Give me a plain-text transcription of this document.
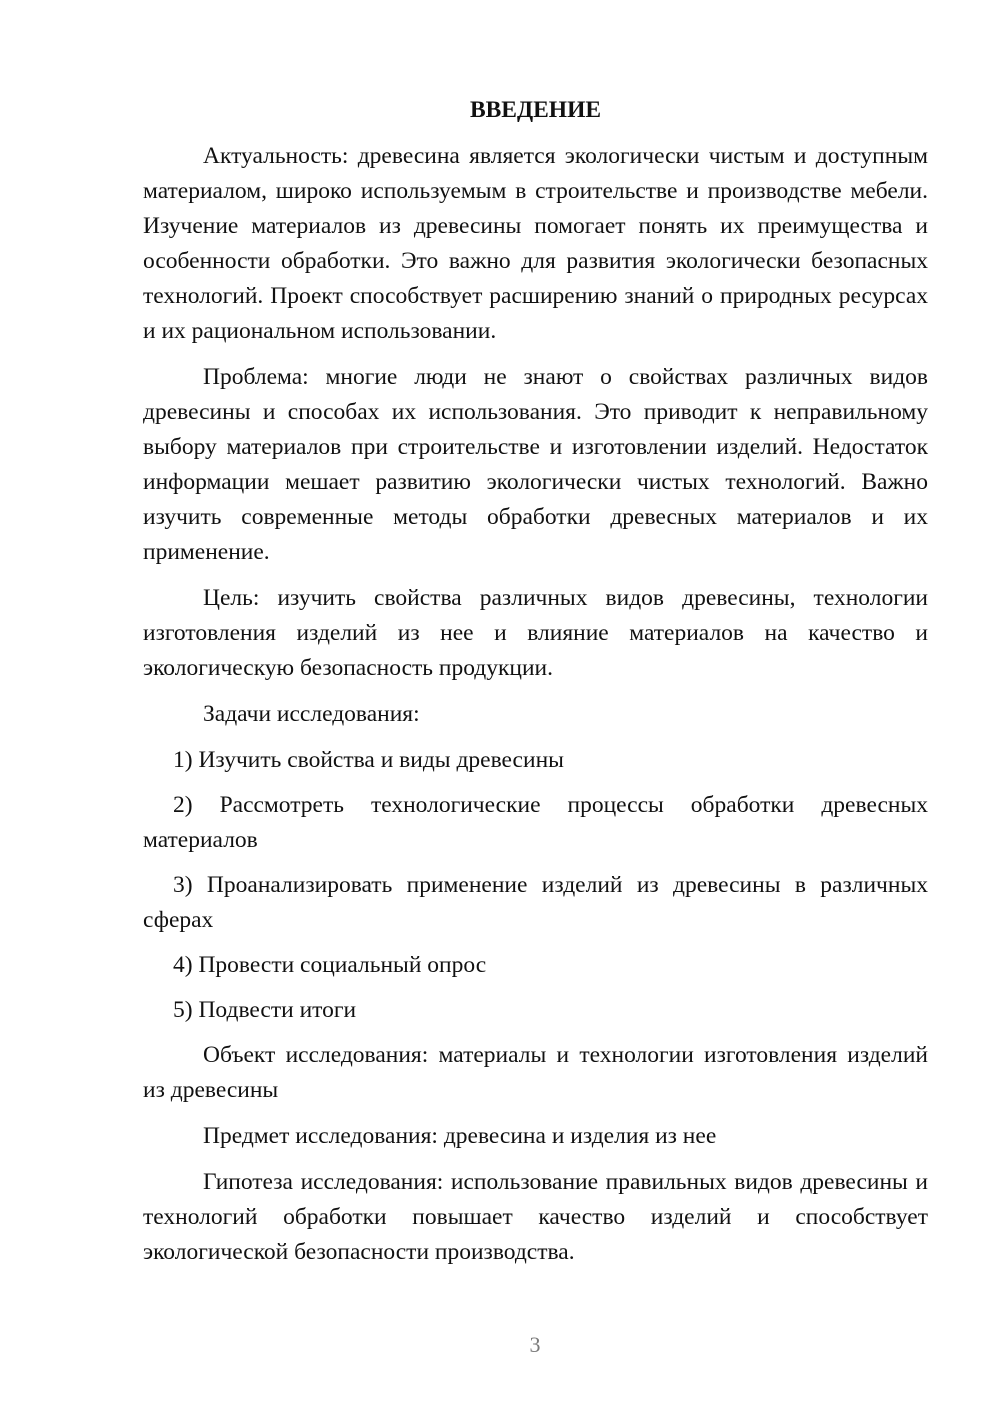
ВВЕДЕНИЕ

Актуальность: древесина является экологически чистым и доступным материалом, широко используемым в строительстве и производстве мебели. Изучение материалов из древесины помогает понять их преимущества и особенности обработки. Это важно для развития экологически безопасных технологий. Проект способствует расширению знаний о природных ресурсах и их рациональном использовании.

Проблема: многие люди не знают о свойствах различных видов древесины и способах их использования. Это приводит к неправильному выбору материалов при строительстве и изготовлении изделий. Недостаток информации мешает развитию экологически чистых технологий. Важно изучить современные методы обработки древесных материалов и их применение.

Цель: изучить свойства различных видов древесины, технологии изготовления изделий из нее и влияние материалов на качество и экологическую безопасность продукции.

Задачи исследования:

1) Изучить свойства и виды древесины

2) Рассмотреть технологические процессы обработки древесных материалов

3) Проанализировать применение изделий из древесины в различных сферах

4) Провести социальный опрос

5) Подвести итоги

Объект исследования: материалы и технологии изготовления изделий из древесины

Предмет исследования: древесина и изделия из нее

Гипотеза исследования: использование правильных видов древесины и технологий обработки повышает качество изделий и способствует экологической безопасности производства.

3
